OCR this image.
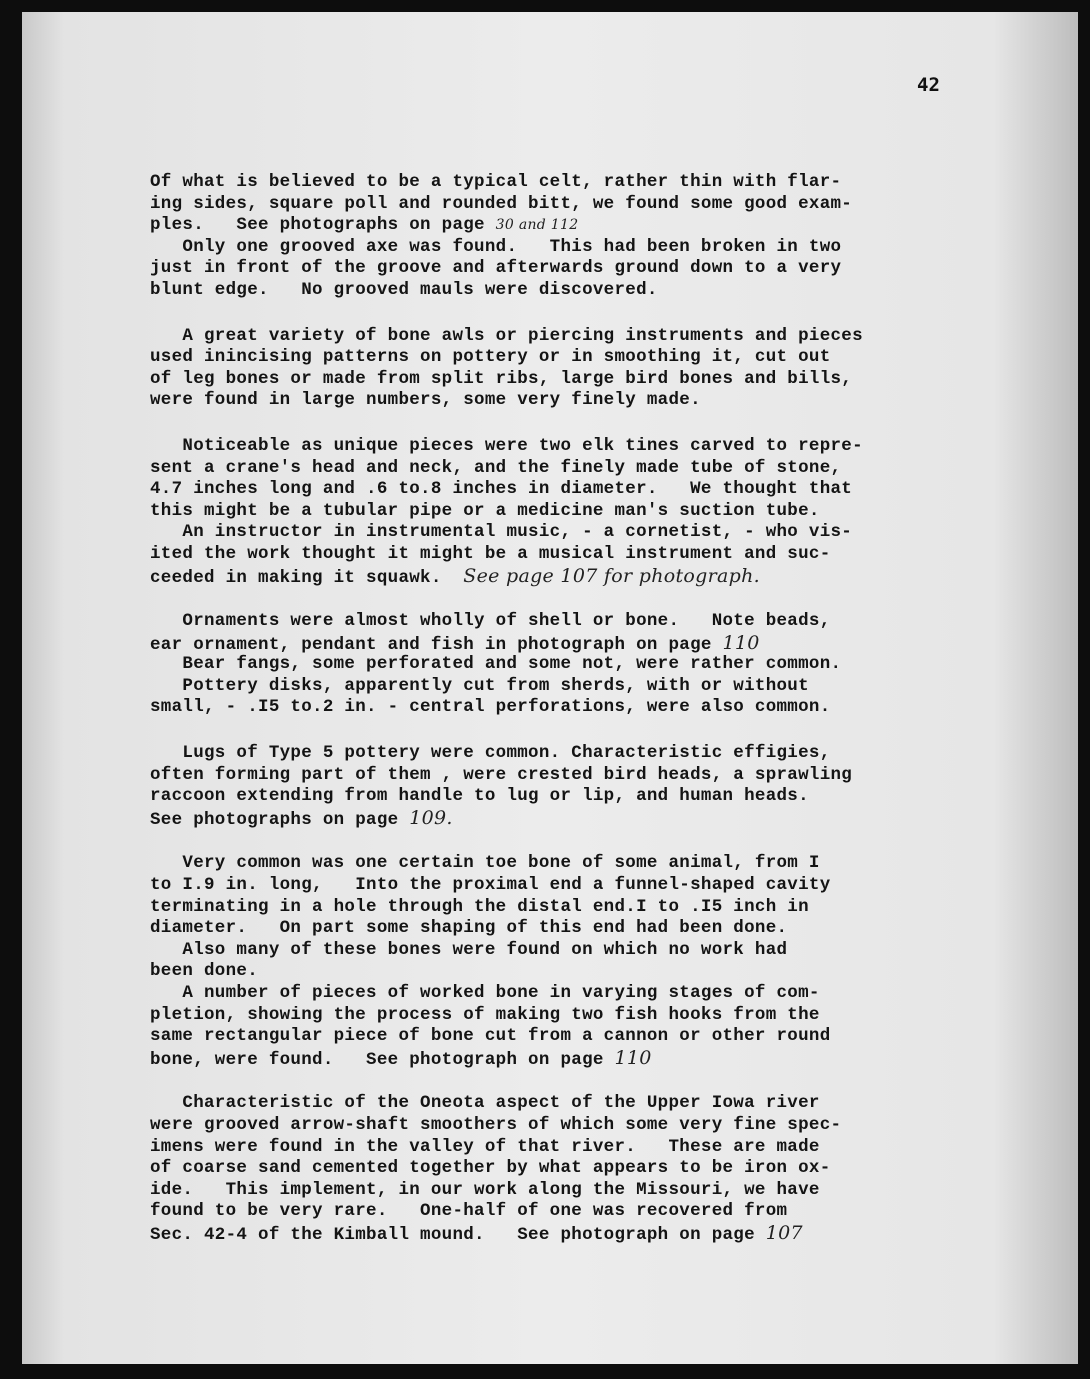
42
Of what is believed to be a typical celt, rather thin with flar-
ing sides, square poll and rounded bitt, we found some good exam-
ples.   See photographs on page 30 and 112
Only one grooved axe was found.   This had been broken in two
just in front of the groove and afterwards ground down to a very
blunt edge.   No grooved mauls were discovered.
A great variety of bone awls or piercing instruments and pieces
used inincising patterns on pottery or in smoothing it, cut out
of leg bones or made from split ribs, large bird bones and bills,
were found in large numbers, some very finely made.
Noticeable as unique pieces were two elk tines carved to repre-
sent a crane's head and neck, and the finely made tube of stone,
4.7 inches long and .6 to.8 inches in diameter.   We thought that
this might be a tubular pipe or a medicine man's suction tube.
An instructor in instrumental music, - a cornetist, - who vis-
ited the work thought it might be a musical instrument and suc-
ceeded in making it squawk.  See page 107 for photograph.
Ornaments were almost wholly of shell or bone.   Note beads,
ear ornament, pendant and fish in photograph on page 110
Bear fangs, some perforated and some not, were rather common.
Pottery disks, apparently cut from sherds, with or without
small, - .I5 to.2 in. - central perforations, were also common.
Lugs of Type 5 pottery were common. Characteristic effigies,
often forming part of them , were crested bird heads, a sprawling
raccoon extending from handle to lug or lip, and human heads.
See photographs on page 109.
Very common was one certain toe bone of some animal, from I
to I.9 in. long,   Into the proximal end a funnel-shaped cavity
terminating in a hole through the distal end.I to .I5 inch in
diameter.   On part some shaping of this end had been done.
Also many of these bones were found on which no work had
been done.
A number of pieces of worked bone in varying stages of com-
pletion, showing the process of making two fish hooks from the
same rectangular piece of bone cut from a cannon or other round
bone, were found.   See photograph on page 110
Characteristic of the Oneota aspect of the Upper Iowa river
were grooved arrow-shaft smoothers of which some very fine spec-
imens were found in the valley of that river.   These are made
of coarse sand cemented together by what appears to be iron ox-
ide.   This implement, in our work along the Missouri, we have
found to be very rare.   One-half of one was recovered from
Sec. 42-4 of the Kimball mound.   See photograph on page 107
